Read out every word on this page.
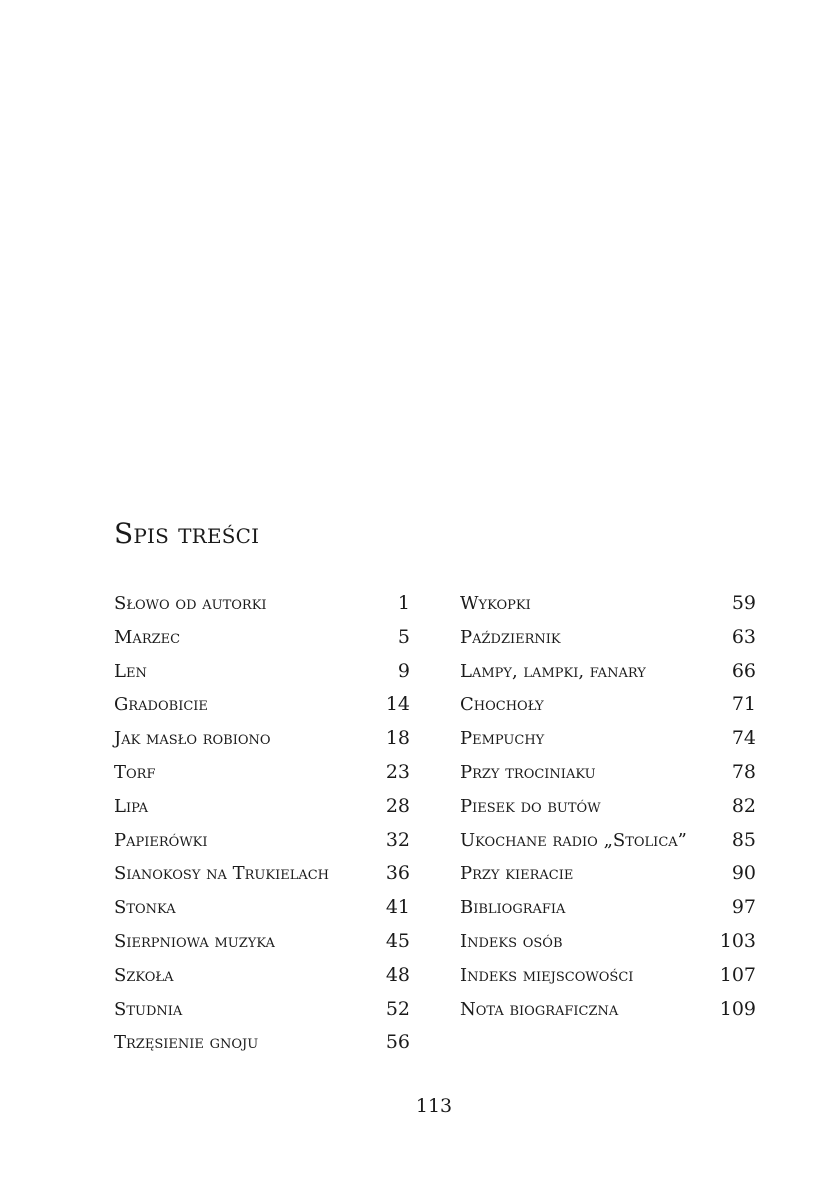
Spis treści
Słowo od autorki	1
Marzec	5
Len	9
Gradobicie	14
Jak masło robiono	18
Torf	23
Lipa	28
Papierówki	32
Sianokosy na Trukielach	36
Stonka	41
Sierpniowa muzyka	45
Szkoła	48
Studnia	52
Trzęsienie gnoju	56
Wykopki	59
Październik	63
Lampy, lampki, fanary	66
Chochoły	71
Pempuchy	74
Przy trociniaku	78
Piesek do butów	82
Ukochane radio „Stolica” 85
Przy kieracie	90
Bibliografia	97
Indeks osób	103
Indeks miejscowości	107
Nota biograficzna	109
113
